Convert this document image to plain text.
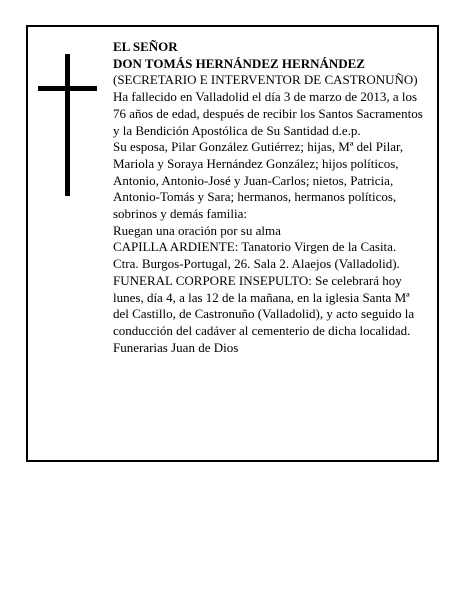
EL SEÑOR

DON TOMÁS HERNÁNDEZ HERNÁNDEZ

(SECRETARIO E INTERVENTOR DE CASTRONUÑO)

Ha fallecido en Valladolid el día 3 de marzo de 2013, a los 76 años de edad, después de recibir los Santos Sacramentos y la Bendición Apostólica de Su Santidad d.e.p.

Su esposa, Pilar González Gutiérrez; hijas, Mª del Pilar, Mariola y Soraya Hernández González; hijos políticos, Antonio, Antonio-José y Juan-Carlos; nietos, Patricia, Antonio-Tomás y Sara; hermanos, hermanos políticos, sobrinos y demás familia:

Ruegan una oración por su alma

CAPILLA ARDIENTE: Tanatorio Virgen de la Casita. Ctra. Burgos-Portugal, 26. Sala 2. Alaejos (Valladolid).

FUNERAL CORPORE INSEPULTO: Se celebrará hoy lunes, día 4, a las 12 de la mañana, en la iglesia Santa Mª del Castillo, de Castronuño (Valladolid), y acto seguido la conducción del cadáver al cementerio de dicha localidad.

Funerarias Juan de Dios
